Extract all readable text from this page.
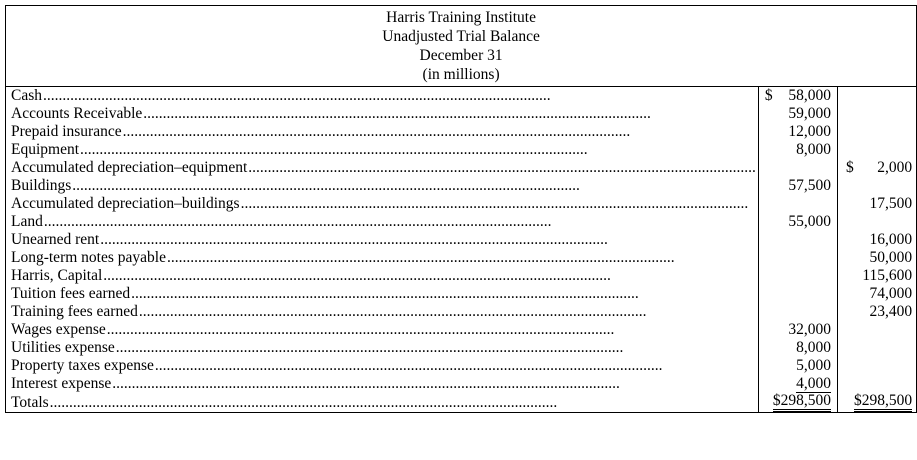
Harris Training Institute		
Unadjusted Trial Balance		
December 31		
(in millions)		

Cash
.....	$ 58,000	

Accounts Receivable
.....	59,000	

Prepaid insurance
.....	12,000	

Equipment
.....	8,000	

Accumulated depreciation–equipment
.....		$ 2,000

Buildings
.....	57,500	

Accumulated depreciation–buildings
.....		17,500

Land
.....	55,000	

Unearned rent
.....		16,000

Long-term notes payable
.....		50,000

Harris, Capital
.....		115,600

Tuition fees earned
.....		74,000

Training fees earned
.....		23,400

Wages expense
.....	32,000	

Utilities expense
.....	8,000	

Property taxes expense
.....	5,000	

Interest expense
.....	4,000	

Totals
.....	$298,500	$298,500
